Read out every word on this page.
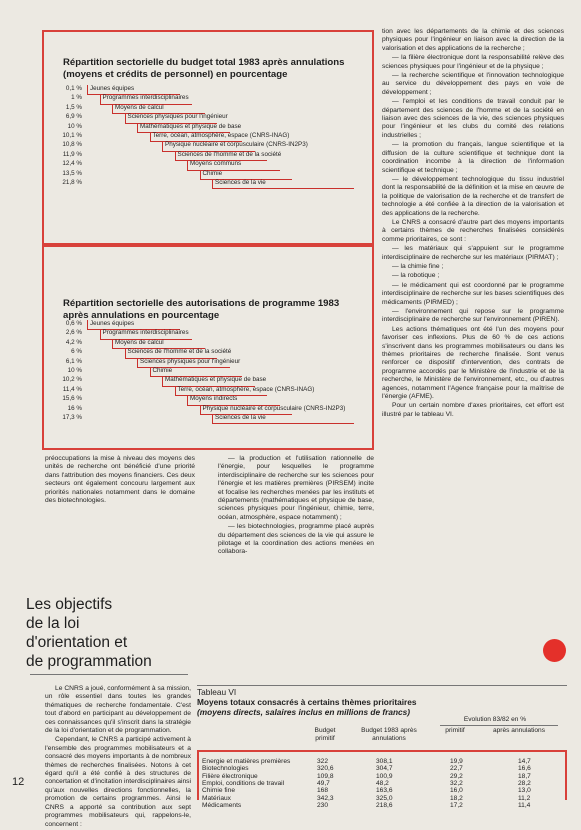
Répartition sectorielle du budget total 1983 après annulations (moyens et crédits de personnel) en pourcentage
0,1 %	Jeunes équipes
1 %	Programmes interdisciplinaires
1,5 %	Moyens de calcul
6,9 %	Sciences physiques pour l'ingénieur
10 %	Mathématiques et physique de base
10,1 %	Terre, océan, atmosphère, espace (CNRS-INAG)
10,8 %	Physique nucléaire et corpusculaire (CNRS-IN2P3)
11,9 %	Sciences de l'homme et de la société
12,4 %	Moyens communs
13,5 %	Chimie
21,8 %	Sciences de la vie
Répartition sectorielle des autorisations de programme 1983 après annulations en pourcentage
0,6 %	Jeunes équipes
2,6 %	Programmes interdisciplinaires
4,2 %	Moyens de calcul
6 %	Sciences de l'homme et de la société
6,1 %	Sciences physiques pour l'ingénieur
10 %	Chimie
10,2 %	Mathématiques et physique de base
11,4 %	Terre, océan, atmosphère, espace (CNRS-INAG)
15,6 %	Moyens indirects
16 %	Physique nucléaire et corpusculaire (CNRS-IN2P3)
17,3 %	Sciences de la vie

tion avec les départements de la chimie et des sciences physiques pour l'ingénieur en liaison avec la direction de la valorisation et des applications de la recherche ;

— la filière électronique dont la responsabilité relève des sciences physiques pour l'ingénieur et de la physique ;

— la recherche scientifique et l'innovation technologique au service du développement des pays en voie de développement ;

— l'emploi et les conditions de travail conduit par le département des sciences de l'homme et de la société en liaison avec des sciences de la vie, des sciences physiques pour l'ingénieur et les clubs du comité des relations industrielles ;

— la promotion du français, langue scientifique et la diffusion de la culture scientifique et technique dont la coordination incombe à la direction de l'information scientifique et technique ;

— le développement technologique du tissu industriel dont la responsabilité de la définition et la mise en œuvre de la politique de valorisation de la recherche et de transfert de technologie a été confiée à la direction de la valorisation et des applications de la recherche.

Le CNRS a consacré d'autre part des moyens importants à certains thèmes de recherches finalisées considérés comme prioritaires, ce sont :

— les matériaux qui s'appuient sur le programme interdisciplinaire de recherche sur les matériaux (PIRMAT) ;

— la chimie fine ;

— la robotique ;

— le médicament qui est coordonné par le programme interdisciplinaire de recherche sur les bases scientifiques des médicaments (PIRMED) ;

— l'environnement qui repose sur le programme interdisciplinaire de recherche sur l'environnement (PIREN).

Les actions thématiques ont été l'un des moyens pour favoriser ces inflexions. Plus de 60 % de ces actions s'inscrivent dans les programmes mobilisateurs ou dans les thèmes prioritaires de recherche finalisée. Sont venus renforcer ce dispositif d'intervention, des contrats de programme accordés par le Ministère de l'industrie et de la recherche, le Ministère de l'environnement, etc., ou d'autres agences, notamment l'Agence française pour la maîtrise de l'énergie (AFME).

Pour un certain nombre d'axes prioritaires, cet effort est illustré par le tableau VI.

préoccupations la mise à niveau des moyens des unités de recherche ont bénéficié d'une priorité dans l'attribution des moyens financiers. Ces deux secteurs ont également concouru largement aux priorités nationales notamment dans le domaine des biotechnologies.

— la production et l'utilisation rationnelle de l'énergie, pour lesquelles le programme interdisciplinaire de recherche sur les sciences pour l'énergie et les matières premières (PIRSEM) incite et focalise les recherches menées par les instituts et départements (mathématiques et physique de base, sciences physiques pour l'ingénieur, chimie, terre, océan, atmosphère, espace notamment) ;

— les biotechnologies, programme placé auprès du département des sciences de la vie qui assure le pilotage et la coordination des actions menées en collabora-

Les objectifs
de la loi
d'orientation et
de programmation

Le CNRS a joué, conformément à sa mission, un rôle essentiel dans toutes les grandes thématiques de recherche fondamentale. C'est tout d'abord en participant au développement de ces connaissances qu'il s'inscrit dans la stratégie de la loi d'orientation et de programmation.

Cependant, le CNRS a participé activement à l'ensemble des programmes mobilisateurs et a consacré des moyens importants à de nombreux thèmes de recherches finalisées. Notons à cet égard qu'il a été confié à des structures de concertation et d'incitation interdisciplinaires ainsi qu'aux nouvelles directions fonctionnelles, la promotion de certains programmes. Ainsi le CNRS a apporté sa contribution aux sept programmes mobilisateurs qui, rappelons-le, concernent :

Tableau VI
Moyens totaux consacrés à certains thèmes prioritaires
(moyens directs, salaires inclus en millions de francs)
Evolution 83/82 en %
Budget primitif
Budget 1983 après annulations
primitif	après annulations
Energie et matières premières	322	308,1	19,9	14,7
Biotechnologies	320,6	304,7	22,7	16,6
Filière électronique	109,8	100,9	29,2	18,7
Emploi, conditions de travail	49,7	48,2	32,2	28,2
Chimie fine	168	163,6	16,0	13,0
Matériaux	342,3	325,0	18,2	11,2
Médicaments	230	218,6	17,2	11,4
12
